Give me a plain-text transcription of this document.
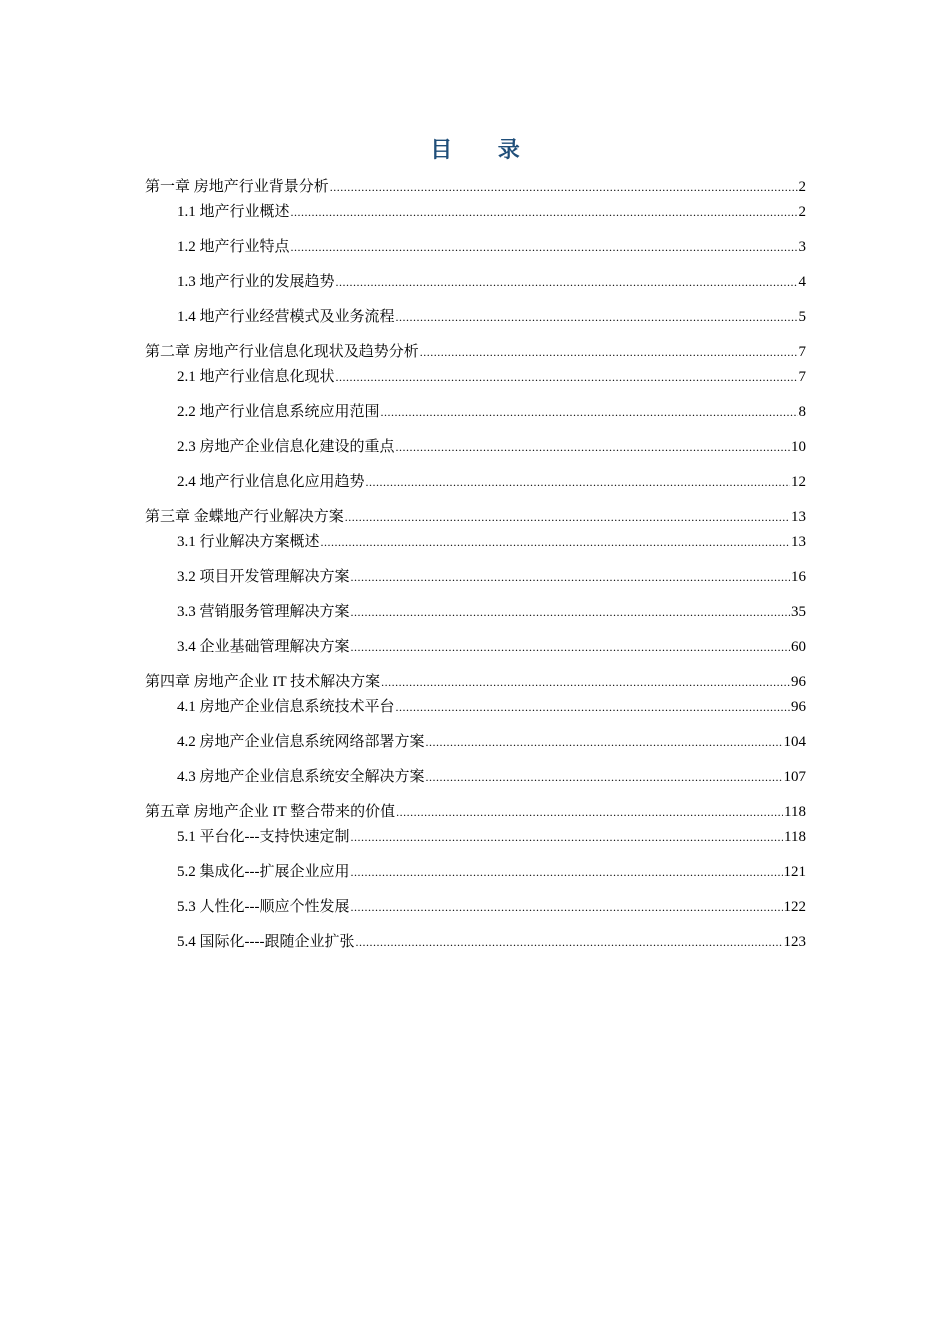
目 录
第一章 房地产行业背景分析 .....	2
1.1 地产行业概述 .....	2
1.2 地产行业特点 .....	3
1.3 地产行业的发展趋势 .....	4
1.4 地产行业经营模式及业务流程 .....	5
第二章 房地产行业信息化现状及趋势分析 .....	7
2.1 地产行业信息化现状 .....	7
2.2 地产行业信息系统应用范围 .....	8
2.3 房地产企业信息化建设的重点 .....	10
2.4 地产行业信息化应用趋势 .....	12
第三章 金蝶地产行业解决方案 .....	13
3.1 行业解决方案概述 .....	13
3.2 项目开发管理解决方案 .....	16
3.3 营销服务管理解决方案 .....	35
3.4 企业基础管理解决方案 .....	60
第四章 房地产企业 IT 技术解决方案 .....	96
4.1 房地产企业信息系统技术平台 .....	96
4.2 房地产企业信息系统网络部署方案 .....	104
4.3 房地产企业信息系统安全解决方案 .....	107
第五章 房地产企业 IT 整合带来的价值 .....	118
5.1 平台化---支持快速定制 .....	118
5.2 集成化---扩展企业应用 .....	121
5.3 人性化---顺应个性发展 .....	122
5.4 国际化----跟随企业扩张 .....	123
